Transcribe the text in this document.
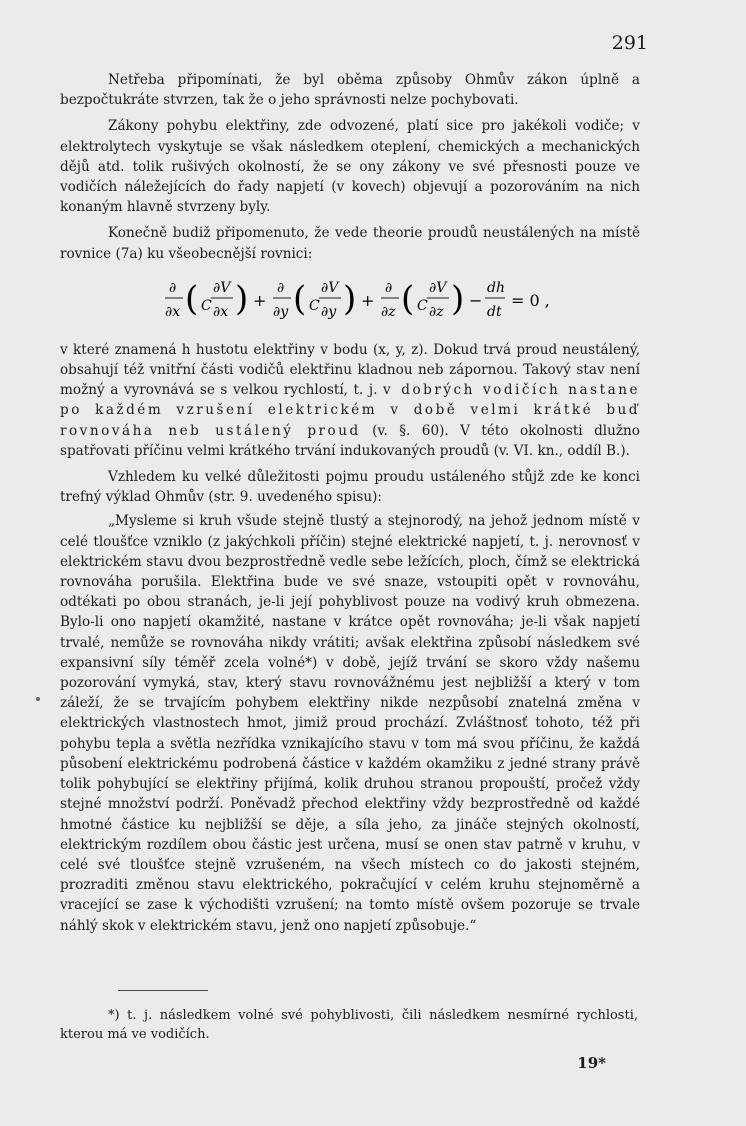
291

Netřeba připomínati, že byl oběma způsoby Ohmův zákon úplně a bezpočtukráte stvrzen, tak že o jeho správnosti nelze pochybovati.

Zákony pohybu elektřiny, zde odvozené, platí sice pro jakékoli vodiče; v elektrolytech vyskytuje se však následkem oteplení, chemických a mechanických dějů atd. tolik rušivých okolností, že se ony zákony ve své přesnosti pouze ve vodičích náležejících do řady napjetí (v kovech) objevují a pozorováním na nich konaným hlavně stvrzeny byly.

Konečně budiž připomenuto, že vede theorie proudů neustálených na místě rovnice (7a) ku všeobecnější rovnici:

∂
∂x ( C
∂V
∂x ) +
∂
∂y ( C
∂V
∂y ) +
∂
∂z ( C
∂V
∂z ) −
dh
dt
= 0 ,

v které znamená h hustotu elektřiny v bodu (x, y, z). Dokud trvá proud neustálený, obsahují též vnitřní části vodičů elektřinu kladnou neb zápornou. Takový stav není možný a vyrovnává se s velkou rychlostí, t. j. v dobrých vodičích nastane po každém vzrušení elektrickém v době velmi krátké buď rovnováha neb ustálený proud (v. §. 60). V této okolnosti dlužno spatřovati příčinu velmi krátkého trvání indukovaných proudů (v. VI. kn., oddíl B.).

Vzhledem ku velké důležitosti pojmu proudu ustáleného stůjž zde ke konci trefný výklad Ohmův (str. 9. uvedeného spisu):

„Mysleme si kruh všude stejně tlustý a stejnorodý, na jehož jednom místě v celé tloušťce vzniklo (z jakýchkoli příčin) stejné elektrické napjetí, t. j. nerovnosť v elektrickém stavu dvou bezprostředně vedle sebe ležících, ploch, čímž se elektrická rovnováha porušila. Elektřina bude ve své snaze, vstoupiti opět v rovnováhu, odtékati po obou stranách, je-li její pohyblivost pouze na vodivý kruh obmezena. Bylo-li ono napjetí okamžité, nastane v krátce opět rovnováha; je-li však napjetí trvalé, nemůže se rovnováha nikdy vrátiti; avšak elektřina způsobí následkem své expansivní síly téměř zcela volné*) v době, jejíž trvání se skoro vždy našemu pozorování vymyká, stav, který stavu rovnovážnému jest nejbližší a který v tom záleží, že se trvajícím pohybem elektřiny nikde nezpůsobí znatelná změna v elektrických vlastnostech hmot, jimiž proud prochází. Zvláštnosť tohoto, též při pohybu tepla a světla nezřídka vznikajícího stavu v tom má svou příčinu, že každá působení elektrickému podrobená částice v každém okamžiku z jedné strany právě tolik pohybující se elektřiny přijímá, kolik druhou stranou propouští, pročež vždy stejné množství podrží. Poněvadž přechod elektřiny vždy bezprostředně od každé hmotné částice ku nejbližší se děje, a síla jeho, za jináče stejných okolností, elektrickým rozdílem obou částic jest určena, musí se onen stav patrně v kruhu, v celé své tloušťce stejně vzrušeném, na všech místech co do jakosti stejném, prozraditi změnou stavu elektrického, pokračující v celém kruhu stejnoměrně a vracející se zase k východišti vzrušení; na tomto místě ovšem pozoruje se trvale náhlý skok v elektrickém stavu, jenž ono napjetí způsobuje.“

*) t. j. následkem volné své pohyblivosti, čili následkem nesmírné rychlosti, kterou má ve vodičích.

19*
